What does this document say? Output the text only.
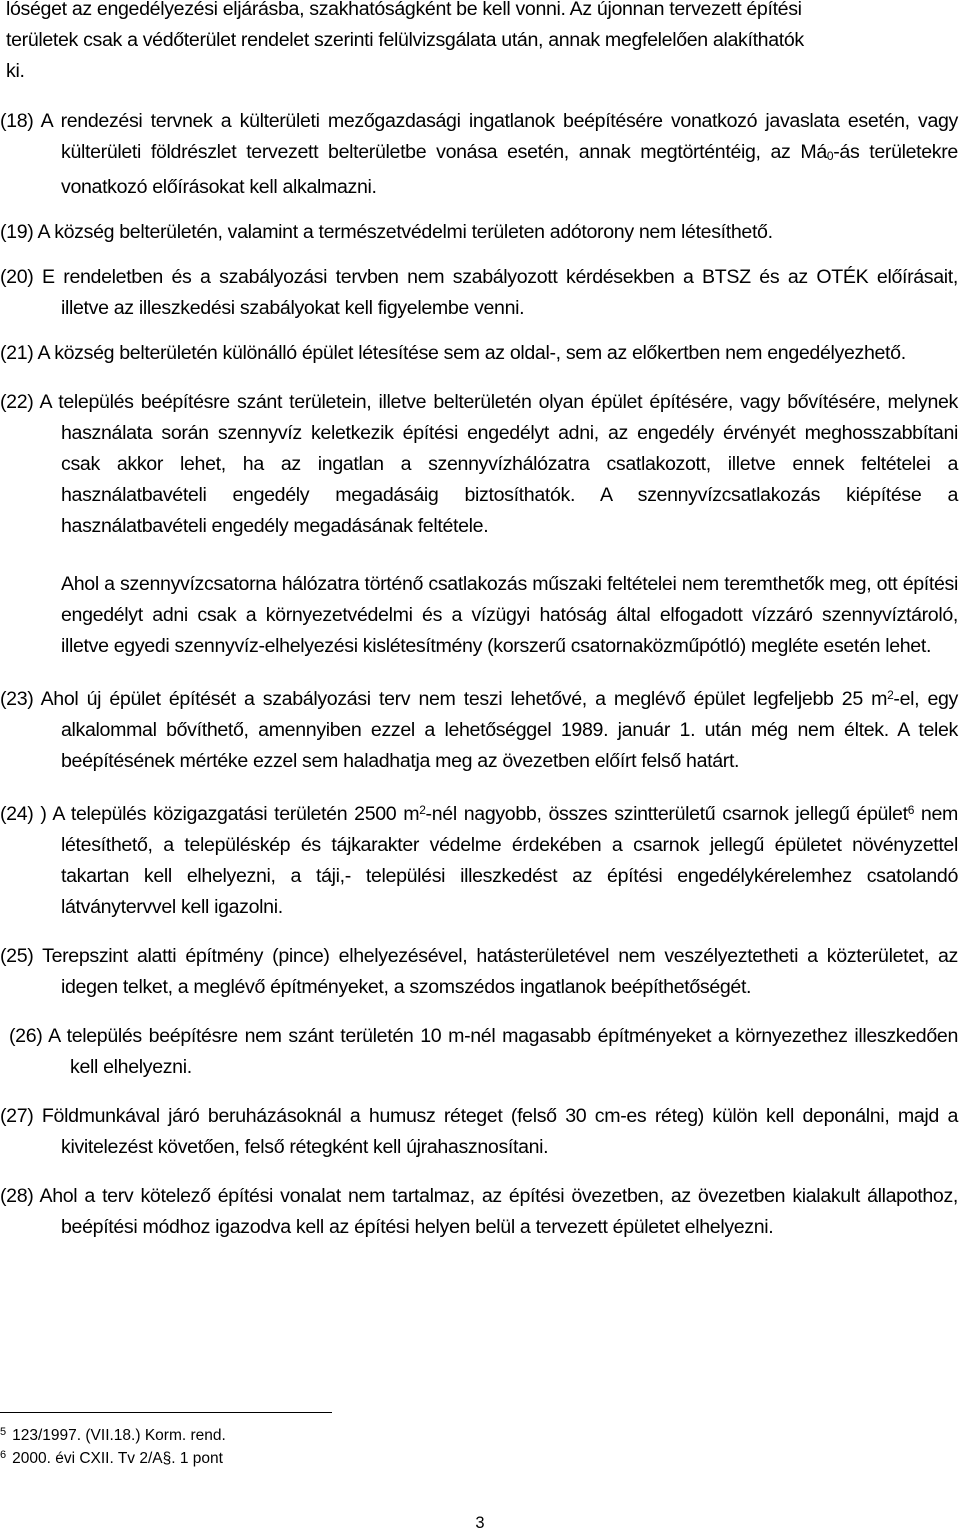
lóséget az engedélyezési eljárásba, szakhatóságként be kell vonni. Az újonnan tervezett építési
területek csak a védőterület rendelet szerinti felülvizsgálata után, annak megfelelően alakíthatók
ki.

(18) A rendezési tervnek a külterületi mezőgazdasági ingatlanok beépítésére vonatkozó javaslata esetén, vagy külterületi földrészlet tervezett belterületbe vonása esetén, annak megtörténtéig, az $Má_0-ás$ területekre vonatkozó előírásokat kell alkalmazni.

(19) A község belterületén, valamint a természetvédelmi területen adótorony nem létesíthető.

(20) E rendeletben és a szabályozási tervben nem szabályozott kérdésekben a BTSZ és az OTÉK előírásait, illetve az illeszkedési szabályokat kell figyelembe venni.

(21) A község belterületén különálló épület létesítése sem az oldal-, sem az előkertben nem engedélyezhető.

(22) A település beépítésre szánt területein, illetve belterületén olyan épület építésére, vagy bővítésére, melynek használata során szennyvíz keletkezik építési engedélyt adni, az engedély érvényét meghosszabbítani csak akkor lehet, ha az ingatlan a szennyvízhálózatra csatlakozott, illetve ennek feltételei a használatbavételi engedély megadásáig biztosíthatók. A szennyvízcsatlakozás kiépítése a használatbavételi engedély megadásának feltétele.

Ahol a szennyvízcsatorna hálózatra történő csatlakozás műszaki feltételei nem teremthetők meg, ott építési engedélyt adni csak a környezetvédelmi és a vízügyi hatóság által elfogadott vízzáró szennyvíztároló, illetve egyedi szennyvíz-elhelyezési kislétesítmény (korszerű csatornaközműpótló) megléte esetén lehet.

(23) Ahol új épület építését a szabályozási terv nem teszi lehetővé, a meglévő épület legfeljebb 25 $m^2-el$, egy alkalommal bővíthető, amennyiben ezzel a lehetőséggel 1989. január 1. után még nem éltek. A telek beépítésének mértéke ezzel sem haladhatja meg az övezetben előírt felső határt.

(24) ) A település közigazgatási területén 2500 $m^2$-nél nagyobb, összes szintterületű csarnok jellegű épület$^6$ nem létesíthető, a településkép és tájkarakter védelme érdekében a csarnok jellegű épületet növényzettel takartan kell elhelyezni, a táji,- települési illeszkedést az építési engedélykérelemhez csatolandó látványtervvel kell igazolni.

(25) Terepszint alatti építmény (pince) elhelyezésével, hatásterületével nem veszélyeztetheti a közterületet, az idegen telket, a meglévő építményeket, a szomszédos ingatlanok beépíthetőségét.

(26) A település beépítésre nem szánt területén 10 m-nél magasabb építményeket a környezethez illeszkedően kell elhelyezni.

(27) Földmunkával járó beruházásoknál a humusz réteget (felső 30 cm-es réteg) külön kell deponálni, majd a kivitelezést követően, felső rétegként kell újrahasznosítani.

(28) Ahol a terv kötelező építési vonalat nem tartalmaz, az építési övezetben, az övezetben kialakult állapothoz, beépítési módhoz igazodva kell az építési helyen belül a tervezett épületet elhelyezni.

$^5$ 123/1997. (VII.18.) Korm. rend.
$^6$ 2000. évi CXII. Tv 2/A§. 1 pont
3
